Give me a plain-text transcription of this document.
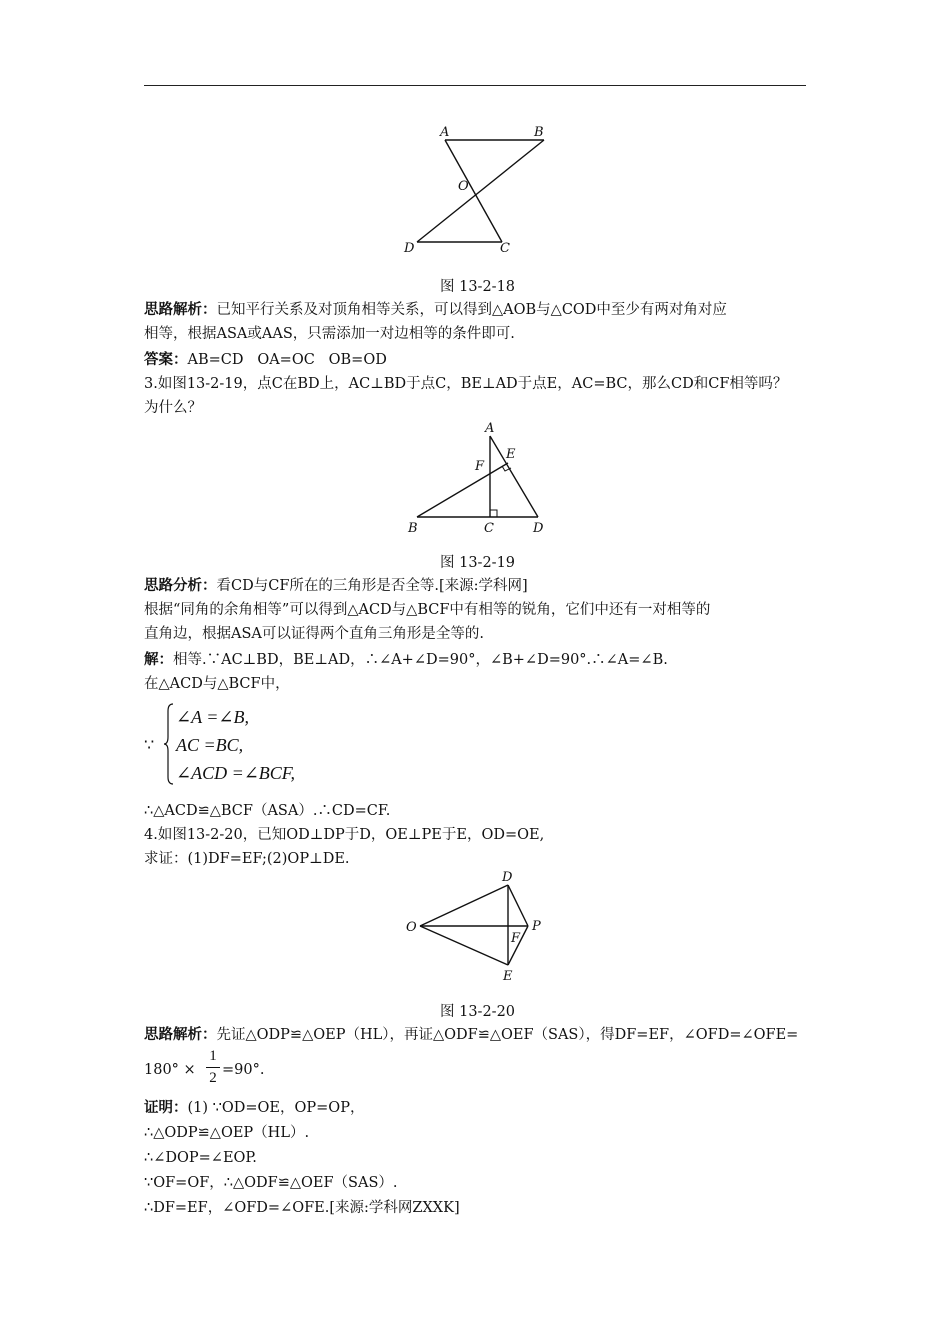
A	B
O
D	C
图 13-2-18
思路解析：已知平行关系及对顶角相等关系，可以得到△AOB与△COD中至少有两对角对应
相等，根据ASA或AAS，只需添加一对边相等的条件即可.
答案：AB=CD   OA=OC   OB=OD
3.如图13-2-19，点C在BD上，AC⊥BD于点C，BE⊥AD于点E，AC=BC，那么CD和CF相等吗？
为什么？
A
E
F
B	C	D
图 13-2-19
思路分析：看CD与CF所在的三角形是否全等.[来源:学科网]
根据“同角的余角相等”可以得到△ACD与△BCF中有相等的锐角，它们中还有一对相等的
直角边，根据ASA可以证得两个直角三角形是全等的.
解：相等.∵AC⊥BD，BE⊥AD，∴∠A+∠D=90°，∠B+∠D=90°.∴∠A=∠B.
在△ACD与△BCF中，
∵
∠A =∠B,
AC =BC,
∠ACD =∠BCF,
∴△ACD≌△BCF（ASA）.∴CD=CF.
4.如图13-2-20，已知OD⊥DP于D，OE⊥PE于E，OD=OE,
求证：(1)DF=EF;(2)OP⊥DE.
D
O	P
F
E
图 13-2-20
思路解析：先证△ODP≌△OEP（HL），再证△ODF≌△OEF（SAS），得DF=EF，∠OFD=∠OFE=
180° ×
1
2 =90°.
证明：(1) ∵OD=OE，OP=OP，
∴△ODP≌△OEP（HL）.
∴∠DOP=∠EOP.
∵OF=OF，∴△ODF≌△OEF（SAS）.
∴DF=EF，∠OFD=∠OFE.[来源:学科网ZXXK]
